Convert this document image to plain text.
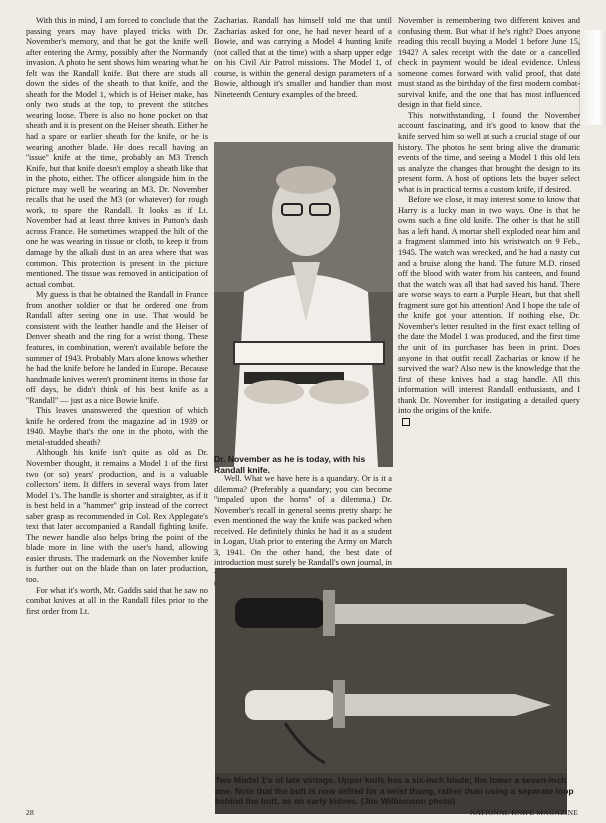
With this in mind, I am forced to conclude that the passing years may have played tricks with Dr. November's memory, and that he got the knife well after entering the Army, possibly after the Normandy invasion. A photo he sent shows him wearing what he felt was the Randall knife. But there are studs all down the sides of the sheath to that knife, and the sheath for the Model 1, which is of Heiser make, has only two studs at the top, to prevent the stitches wearing loose. There is also no hone pocket on that sheath and it is present on the Heiser sheath. Either he had a spare or earlier sheath for the knife, or he is wearing another blade. He does recall having an ''issue'' knife at the time, probably an M3 Trench Knife, but that knife doesn't employ a sheath like that in the photo, either. The officer alongside him in the picture may well be wearing an M3. Dr. November recalls that he used the M3 (or whatever) for rough work, to spare the Randall. It looks as if Lt. November had at least three knives in Patton's dash across France. He sometimes wrapped the hilt of the one he was wearing in tissue or cloth, to keep it from damage by the alkali dust in an area where that was common. This protection is present in the picture mentioned. The tissue was removed in anticipation of actual combat.

My guess is that he obtained the Randall in France from another soldier or that he ordered one from Randall after seeing one in use. That would be consistent with the leather handle and the Heiser of Denver sheath and the ring for a wrist thong. These features, in combination, weren't available before the summer of 1943. Probably Mars alone knows whether he had the knife before he landed in Europe. Because handmade knives weren't prominent items in those far off days, he didn't think of his best knife as a ''Randall'' — just as a nice Bowie knife.

This leaves unanswered the question of which knife he ordered from the magazine ad in 1939 or 1940. Maybe that's the one in the photo, with the metal-studded sheath?

Although his knife isn't quite as old as Dr. November thought, it remains a Model 1 of the first two (or so) years' production, and is a valuable collectors' item. It differs in several ways from later Model 1's. The handle is shorter and straighter, as if it is best held in a ''hammer'' grip instead of the correct saber grasp as recommended in Col. Rex Applegate's text that later accompanied a Randall fighting knife. The newer handle also helps bring the point of the blade more in line with the user's hand, allowing easier thrusts. The trademark on the November knife is further out on the blade than on later production, too.

For what it's worth, Mr. Gaddis said that he saw no combat knives at all in the Randall files prior to the first order from Lt.

Zacharias. Randall has himself told me that until Zacharias asked for one, he had never heard of a Bowie, and was carrying a Model 4 hunting knife (not called that at the time) with a sharp upper edge on his Civil Air Patrol missions. The Model 1, of course, is within the general design parameters of a Bowie, although it's smaller and handier than most Nineteenth Century examples of the breed.

Dr. November as he is today, with his Randall knife.

Well. What we have here is a quandary. Or is it a dilemma? (Preferably a quandary; you can become ''impaled upon the horns'' of a dilemma.) Dr. November's recall in general seems pretty sharp: he even mentioned the way the knife was packed when received. He definitely thinks he had it as a student in Logan, Utah prior to entering the Army on March 3, 1941. On the other hand, the best date of introduction must surely be Randall's own journal, in

November is remembering two different knives and confusing them. But what if he's right? Does anyone reading this recall buying a Model 1 before June 15, 1942? A sales receipt with the date or a cancelled check in payment would be ideal evidence. Unless someone comes forward with valid proof, that date must stand as the birthday of the first modern combat-survival knife, and the one that has most influenced design in that field since.

This notwithstanding, I found the November account fascinating, and it's good to know that the knife served him so well at such a crucial stage of our history. The photos he sent bring alive the dramatic events of the time, and seeing a Model 1 this old lets us analyze the changes that brought the design to its present form. A host of options lets the buyer select what is in practical terms a custom knife, if desired.

Before we close, it may interest some to know that Harry is a lucky man in two ways. One is that he owns such a fine old knife. The other is that he still has a left hand. A mortar shell exploded near him and a fragment slammed into his wristwatch on 9 Feb., 1945. The watch was wrecked, and he had a nasty cut and a bruise along the hand. The future M.D. rinsed off the blood with water from his canteen, and found that the watch was all that had saved his hand. There are worse ways to earn a Purple Heart, but that shell fragment sure got his attention! And I hope the tale of the knife got your attention. If nothing else, Dr. November's letter resulted in the first exact telling of the date the Model 1 was produced, and the first time the unit of its purchaser has been in print. Does anyone in that outfit recall Zacharias or know if he survived the war? Also new is the knowledge that the first of these knives had a stag handle. All this information will interest Randall enthusiasts, and I thank Dr. November for instigating a detailed query into the origins of the knife.

Two Model 1's of late vintage. Upper knife has a six-inch blade; the lower a seven-inch one. Note that the butt is now drilled for a wrist thong, rather than using a separate loop behind the butt, as on early knives. (Jim Williamson photo)
28	NATIONAL KNIFE MAGAZINE
